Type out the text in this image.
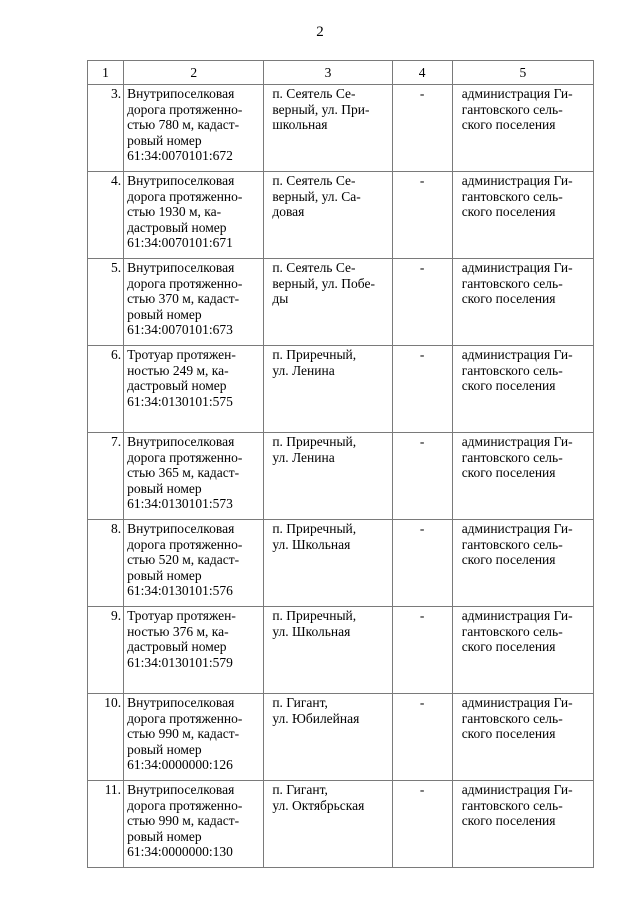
2
1	2	3	4	5
3.	Внутрипоселковая
дорога протяженно-
стью 780 м, кадаст-
ровый номер
61:34:0070101:672	п. Сеятель Се-
верный, ул. При-
школьная	-	администрация Ги-
гантовского сель-
ского поселения

4.	Внутрипоселковая
дорога протяженно-
стью 1930 м, ка-
дастровый номер
61:34:0070101:671	п. Сеятель Се-
верный, ул. Са-
довая	-	администрация Ги-
гантовского сель-
ского поселения

5.	Внутрипоселковая
дорога протяженно-
стью 370 м, кадаст-
ровый номер
61:34:0070101:673	п. Сеятель Се-
верный, ул. Побе-
ды	-	администрация Ги-
гантовского сель-
ского поселения

6.	Тротуар протяжен-
ностью 249 м, ка-
дастровый номер
61:34:0130101:575	п. Приречный,
ул. Ленина	-	администрация Ги-
гантовского сель-
ского поселения

7.	Внутрипоселковая
дорога протяженно-
стью 365 м, кадаст-
ровый номер
61:34:0130101:573	п. Приречный,
ул. Ленина	-	администрация Ги-
гантовского сель-
ского поселения

8.	Внутрипоселковая
дорога протяженно-
стью 520 м, кадаст-
ровый номер
61:34:0130101:576	п. Приречный,
ул. Школьная	-	администрация Ги-
гантовского сель-
ского поселения

9.	Тротуар протяжен-
ностью 376 м, ка-
дастровый номер
61:34:0130101:579	п. Приречный,
ул. Школьная	-	администрация Ги-
гантовского сель-
ского поселения

10.	Внутрипоселковая
дорога протяженно-
стью 990 м, кадаст-
ровый номер
61:34:0000000:126	п. Гигант,
ул. Юбилейная	-	администрация Ги-
гантовского сель-
ского поселения

11.	Внутрипоселковая
дорога протяженно-
стью 990 м, кадаст-
ровый номер
61:34:0000000:130	п. Гигант,
ул. Октябрьская	-	администрация Ги-
гантовского сель-
ского поселения
